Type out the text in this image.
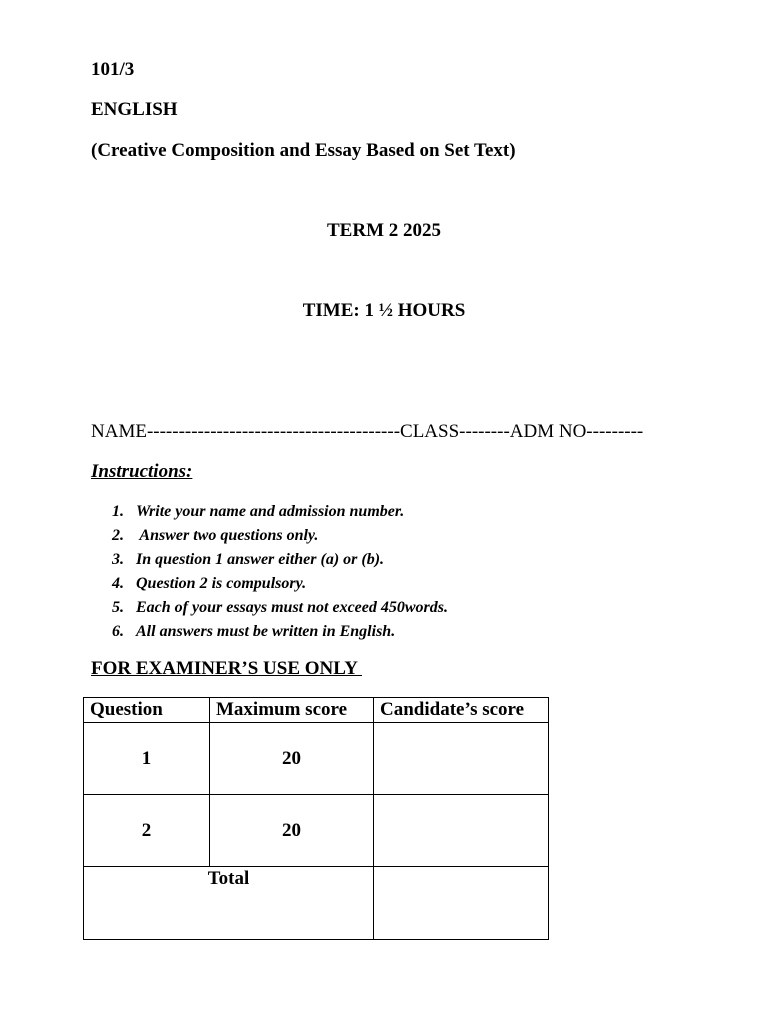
101/3
ENGLISH
(Creative Composition and Essay Based on Set Text)
TERM 2 2025
TIME: 1 ½ HOURS
NAME----------------------------------------CLASS--------ADM NO---------
Instructions:
1. Write your name and admission number.
2. Answer two questions only.
3. In question 1 answer either (a) or (b).
4. Question 2 is compulsory.
5. Each of your essays must not exceed 450words.
6. All answers must be written in English.
FOR EXAMINER’S USE ONLY
Question	Maximum score	Candidate’s score
1	20	
2	20	
Total		
